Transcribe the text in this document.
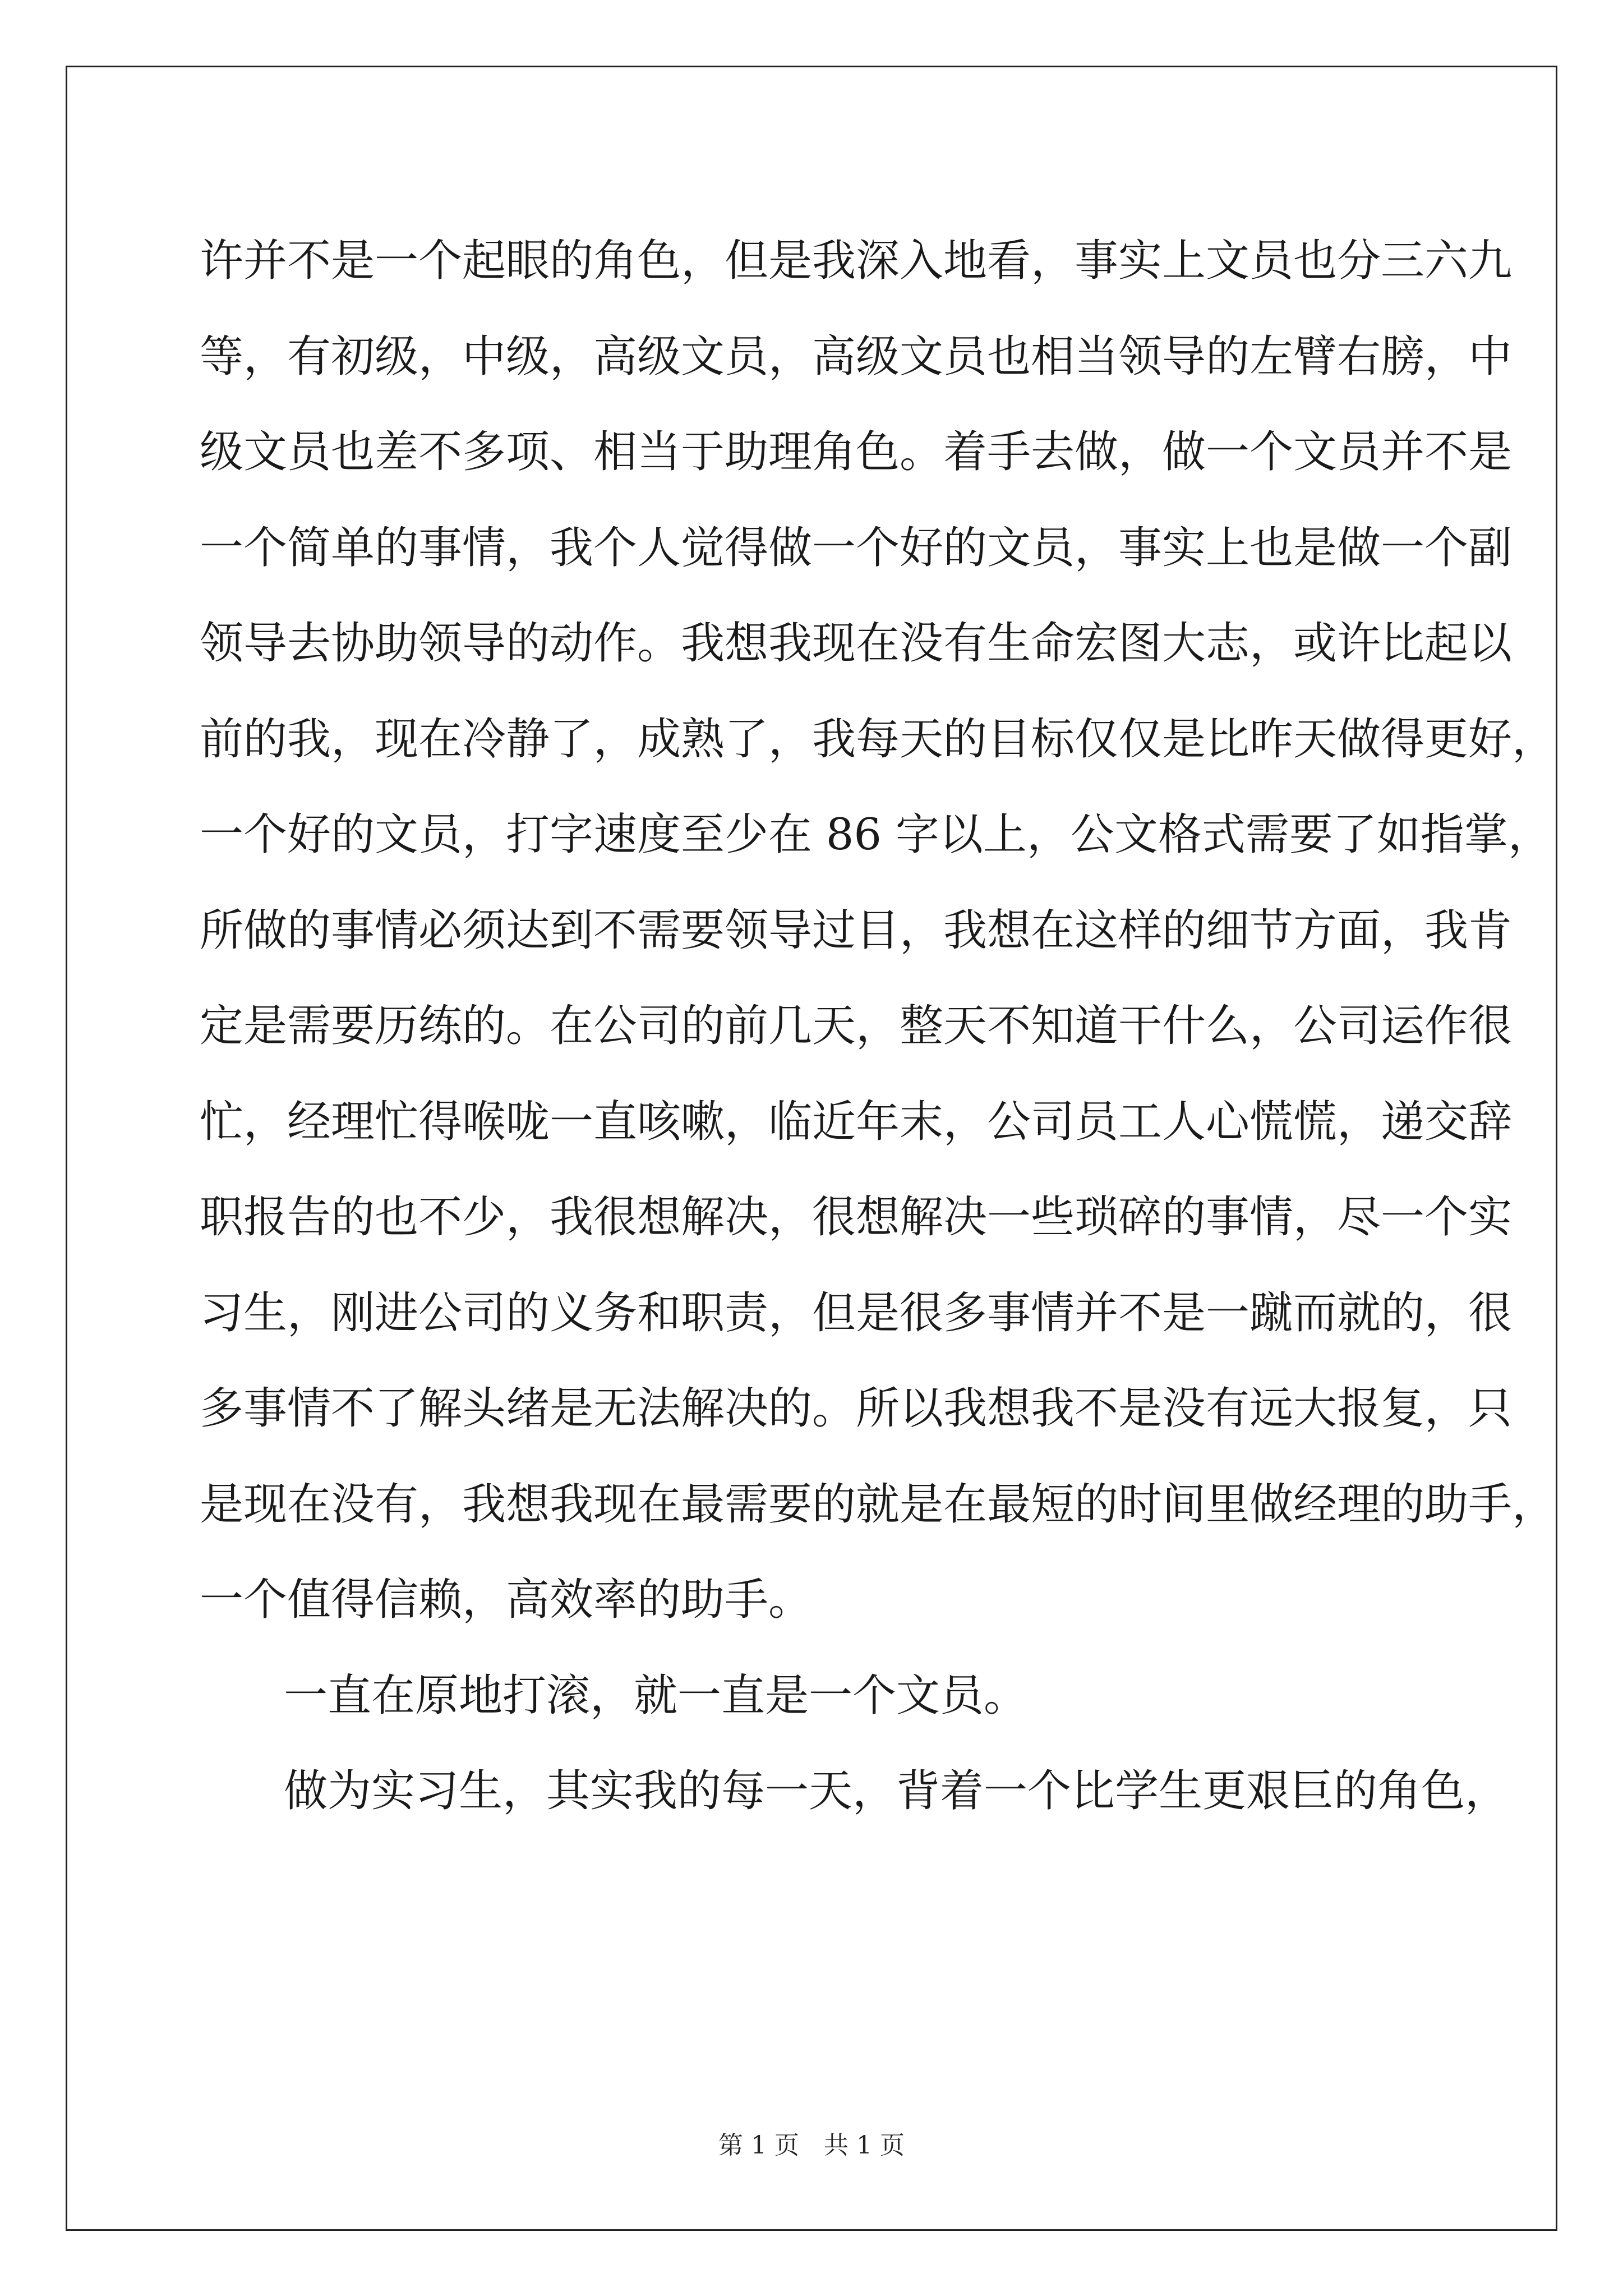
许并不是一个起眼的角色，但是我深入地看，事实上文员也分三六九
等，有初级，中级，高级文员，高级文员也相当领导的左臂右膀，中
级文员也差不多项、相当于助理角色。着手去做，做一个文员并不是
一个简单的事情，我个人觉得做一个好的文员，事实上也是做一个副
领导去协助领导的动作。我想我现在没有生命宏图大志，或许比起以
前的我，现在冷静了，成熟了，我每天的目标仅仅是比昨天做得更好，
一个好的文员，打字速度至少在 86 字以上，公文格式需要了如指掌，
所做的事情必须达到不需要领导过目，我想在这样的细节方面，我肯
定是需要历练的。在公司的前几天，整天不知道干什么，公司运作很
忙，经理忙得喉咙一直咳嗽，临近年末，公司员工人心慌慌，递交辞
职报告的也不少，我很想解决，很想解决一些琐碎的事情，尽一个实
习生，刚进公司的义务和职责，但是很多事情并不是一蹴而就的，很
多事情不了解头绪是无法解决的。所以我想我不是没有远大报复，只
是现在没有，我想我现在最需要的就是在最短的时间里做经理的助手，
一个值得信赖，高效率的助手。
一直在原地打滚，就一直是一个文员。
做为实习生，其实我的每一天，背着一个比学生更艰巨的角色，
第 1 页　共 1 页
